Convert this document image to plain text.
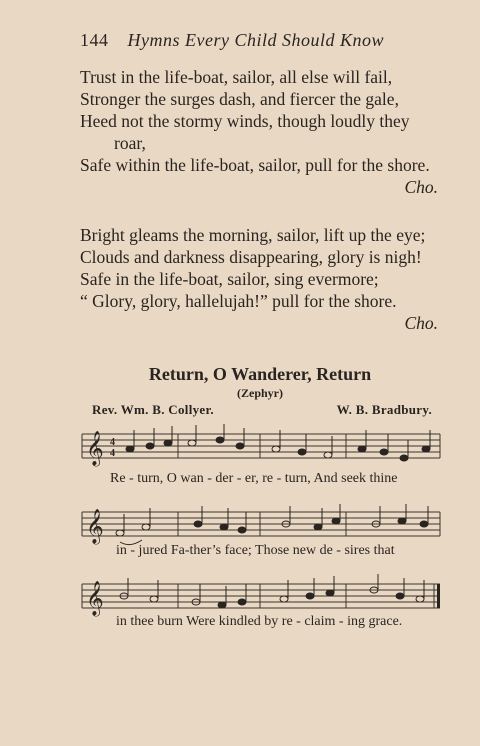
144 Hymns Every Child Should Know
Trust in the life-boat, sailor, all else will fail,
Stronger the surges dash, and fiercer the gale,
Heed not the stormy winds, though loudly they
roar,
Safe within the life-boat, sailor, pull for the shore.
Cho.
Bright gleams the morning, sailor, lift up the eye;
Clouds and darkness disappearing, glory is nigh!
Safe in the life-boat, sailor, sing evermore;
“ Glory, glory, hallelujah!” pull for the shore.
Cho.
Return, O Wanderer, Return
(Zephyr)
Rev. Wm. B. Collyer.	W. B. Bradbury.
𝄞 4
4
Re - turn, O wan - der - er, re - turn, And seek thine
𝄞
in - jured Fa-ther’s face; Those new de - sires that
𝄞
in thee burn Were kindled by re - claim - ing grace.
